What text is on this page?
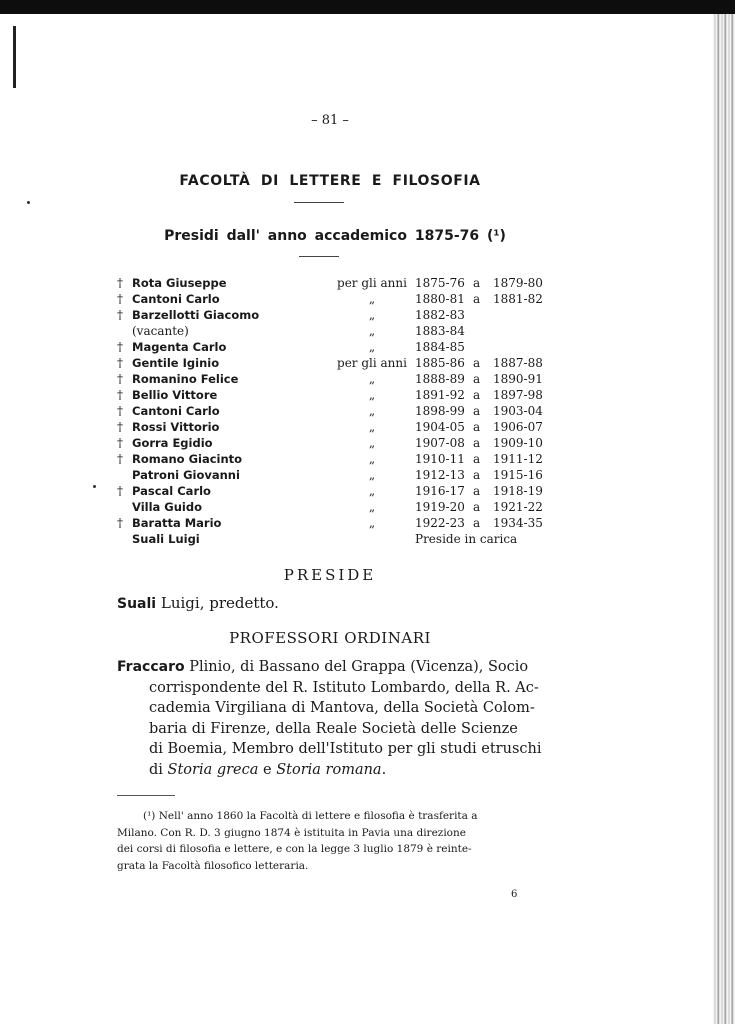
– 81 –
FACOLTÀ DI LETTERE E FILOSOFIA
Presidi dall' anno accademico 1875-76 (¹)
† Rota Giuseppe	per gli anni 1875-76 a 1879-80
† Cantoni Carlo	„	1880-81 a 1881-82
† Barzellotti Giacomo	„	1882-83
(vacante)	„	1883-84
† Magenta Carlo	„	1884-85
† Gentile Iginio	per gli anni 1885-86 a 1887-88
† Romanino Felice	„	1888-89 a 1890-91
† Bellio Vittore	„	1891-92 a 1897-98
† Cantoni Carlo	„	1898-99 a 1903-04
† Rossi Vittorio	„	1904-05 a 1906-07
† Gorra Egidio	„	1907-08 a 1909-10
† Romano Giacinto	„	1910-11 a 1911-12
Patroni Giovanni	„	1912-13 a 1915-16
† Pascal Carlo	„	1916-17 a 1918-19
Villa Guido	„	1919-20 a 1921-22
† Baratta Mario	„	1922-23 a 1934-35
Suali Luigi	Preside in carica
PRESIDE
Suali Luigi, predetto.
PROFESSORI ORDINARI
Fraccaro Plinio, di Bassano del Grappa (Vicenza), Socio
corrispondente del R. Istituto Lombardo, della R. Ac-
cademia Virgiliana di Mantova, della Società Colom-
baria di Firenze, della Reale Società delle Scienze
di Boemia, Membro dell'Istituto per gli studi etruschi
di Storia greca e Storia romana.
(¹) Nell' anno 1860 la Facoltà di lettere e filosofia è trasferita a
Milano. Con R. D. 3 giugno 1874 è istituita in Pavia una direzione
dei corsi di filosofia e lettere, e con la legge 3 luglio 1879 è reinte-
grata la Facoltà filosofico letteraria.
6
